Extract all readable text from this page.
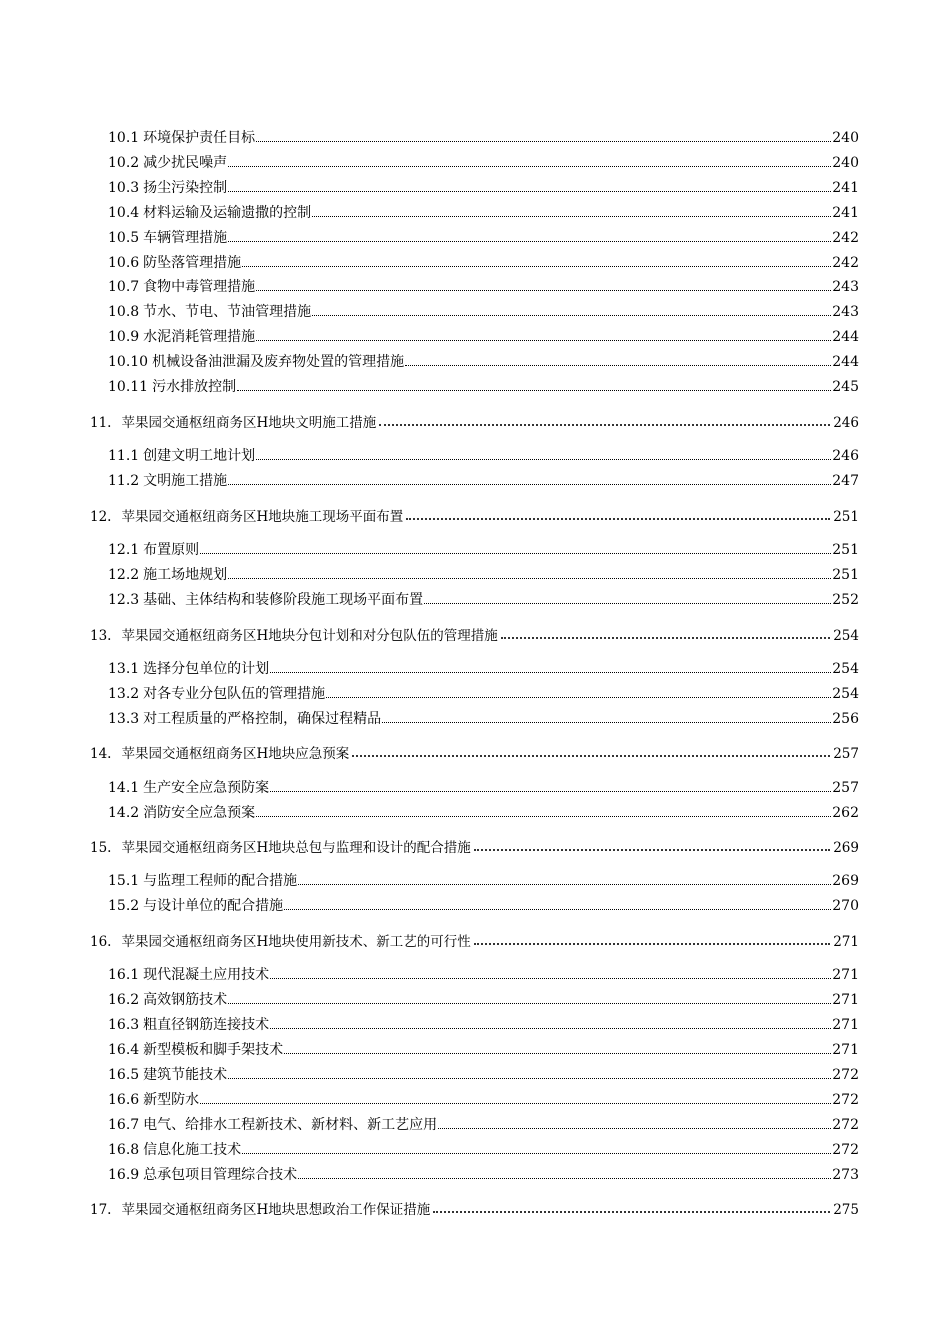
10.1 环境保护责任目标	240
10.2 减少扰民噪声	240
10.3 扬尘污染控制	241
10.4 材料运输及运输遗撒的控制	241
10.5 车辆管理措施	242
10.6 防坠落管理措施	242
10.7 食物中毒管理措施	243
10.8 节水、节电、节油管理措施	243
10.9 水泥消耗管理措施	244
10.10 机械设备油泄漏及废弃物处置的管理措施	244
10.11 污水排放控制	245
11. 苹果园交通枢纽商务区H地块文明施工措施	246
11.1 创建文明工地计划	246
11.2 文明施工措施	247
12. 苹果园交通枢纽商务区H地块施工现场平面布置	251
12.1 布置原则	251
12.2 施工场地规划	251
12.3 基础、主体结构和装修阶段施工现场平面布置	252
13. 苹果园交通枢纽商务区H地块分包计划和对分包队伍的管理措施	254
13.1 选择分包单位的计划	254
13.2 对各专业分包队伍的管理措施	254
13.3 对工程质量的严格控制，确保过程精品	256
14. 苹果园交通枢纽商务区H地块应急预案	257
14.1 生产安全应急预防案	257
14.2 消防安全应急预案	262
15. 苹果园交通枢纽商务区H地块总包与监理和设计的配合措施	269
15.1 与监理工程师的配合措施	269
15.2 与设计单位的配合措施	270
16. 苹果园交通枢纽商务区H地块使用新技术、新工艺的可行性	271
16.1 现代混凝土应用技术	271
16.2 高效钢筋技术	271
16.3 粗直径钢筋连接技术	271
16.4 新型模板和脚手架技术	271
16.5 建筑节能技术	272
16.6 新型防水	272
16.7 电气、给排水工程新技术、新材料、新工艺应用	272
16.8 信息化施工技术	272
16.9 总承包项目管理综合技术	273
17. 苹果园交通枢纽商务区H地块思想政治工作保证措施	275
